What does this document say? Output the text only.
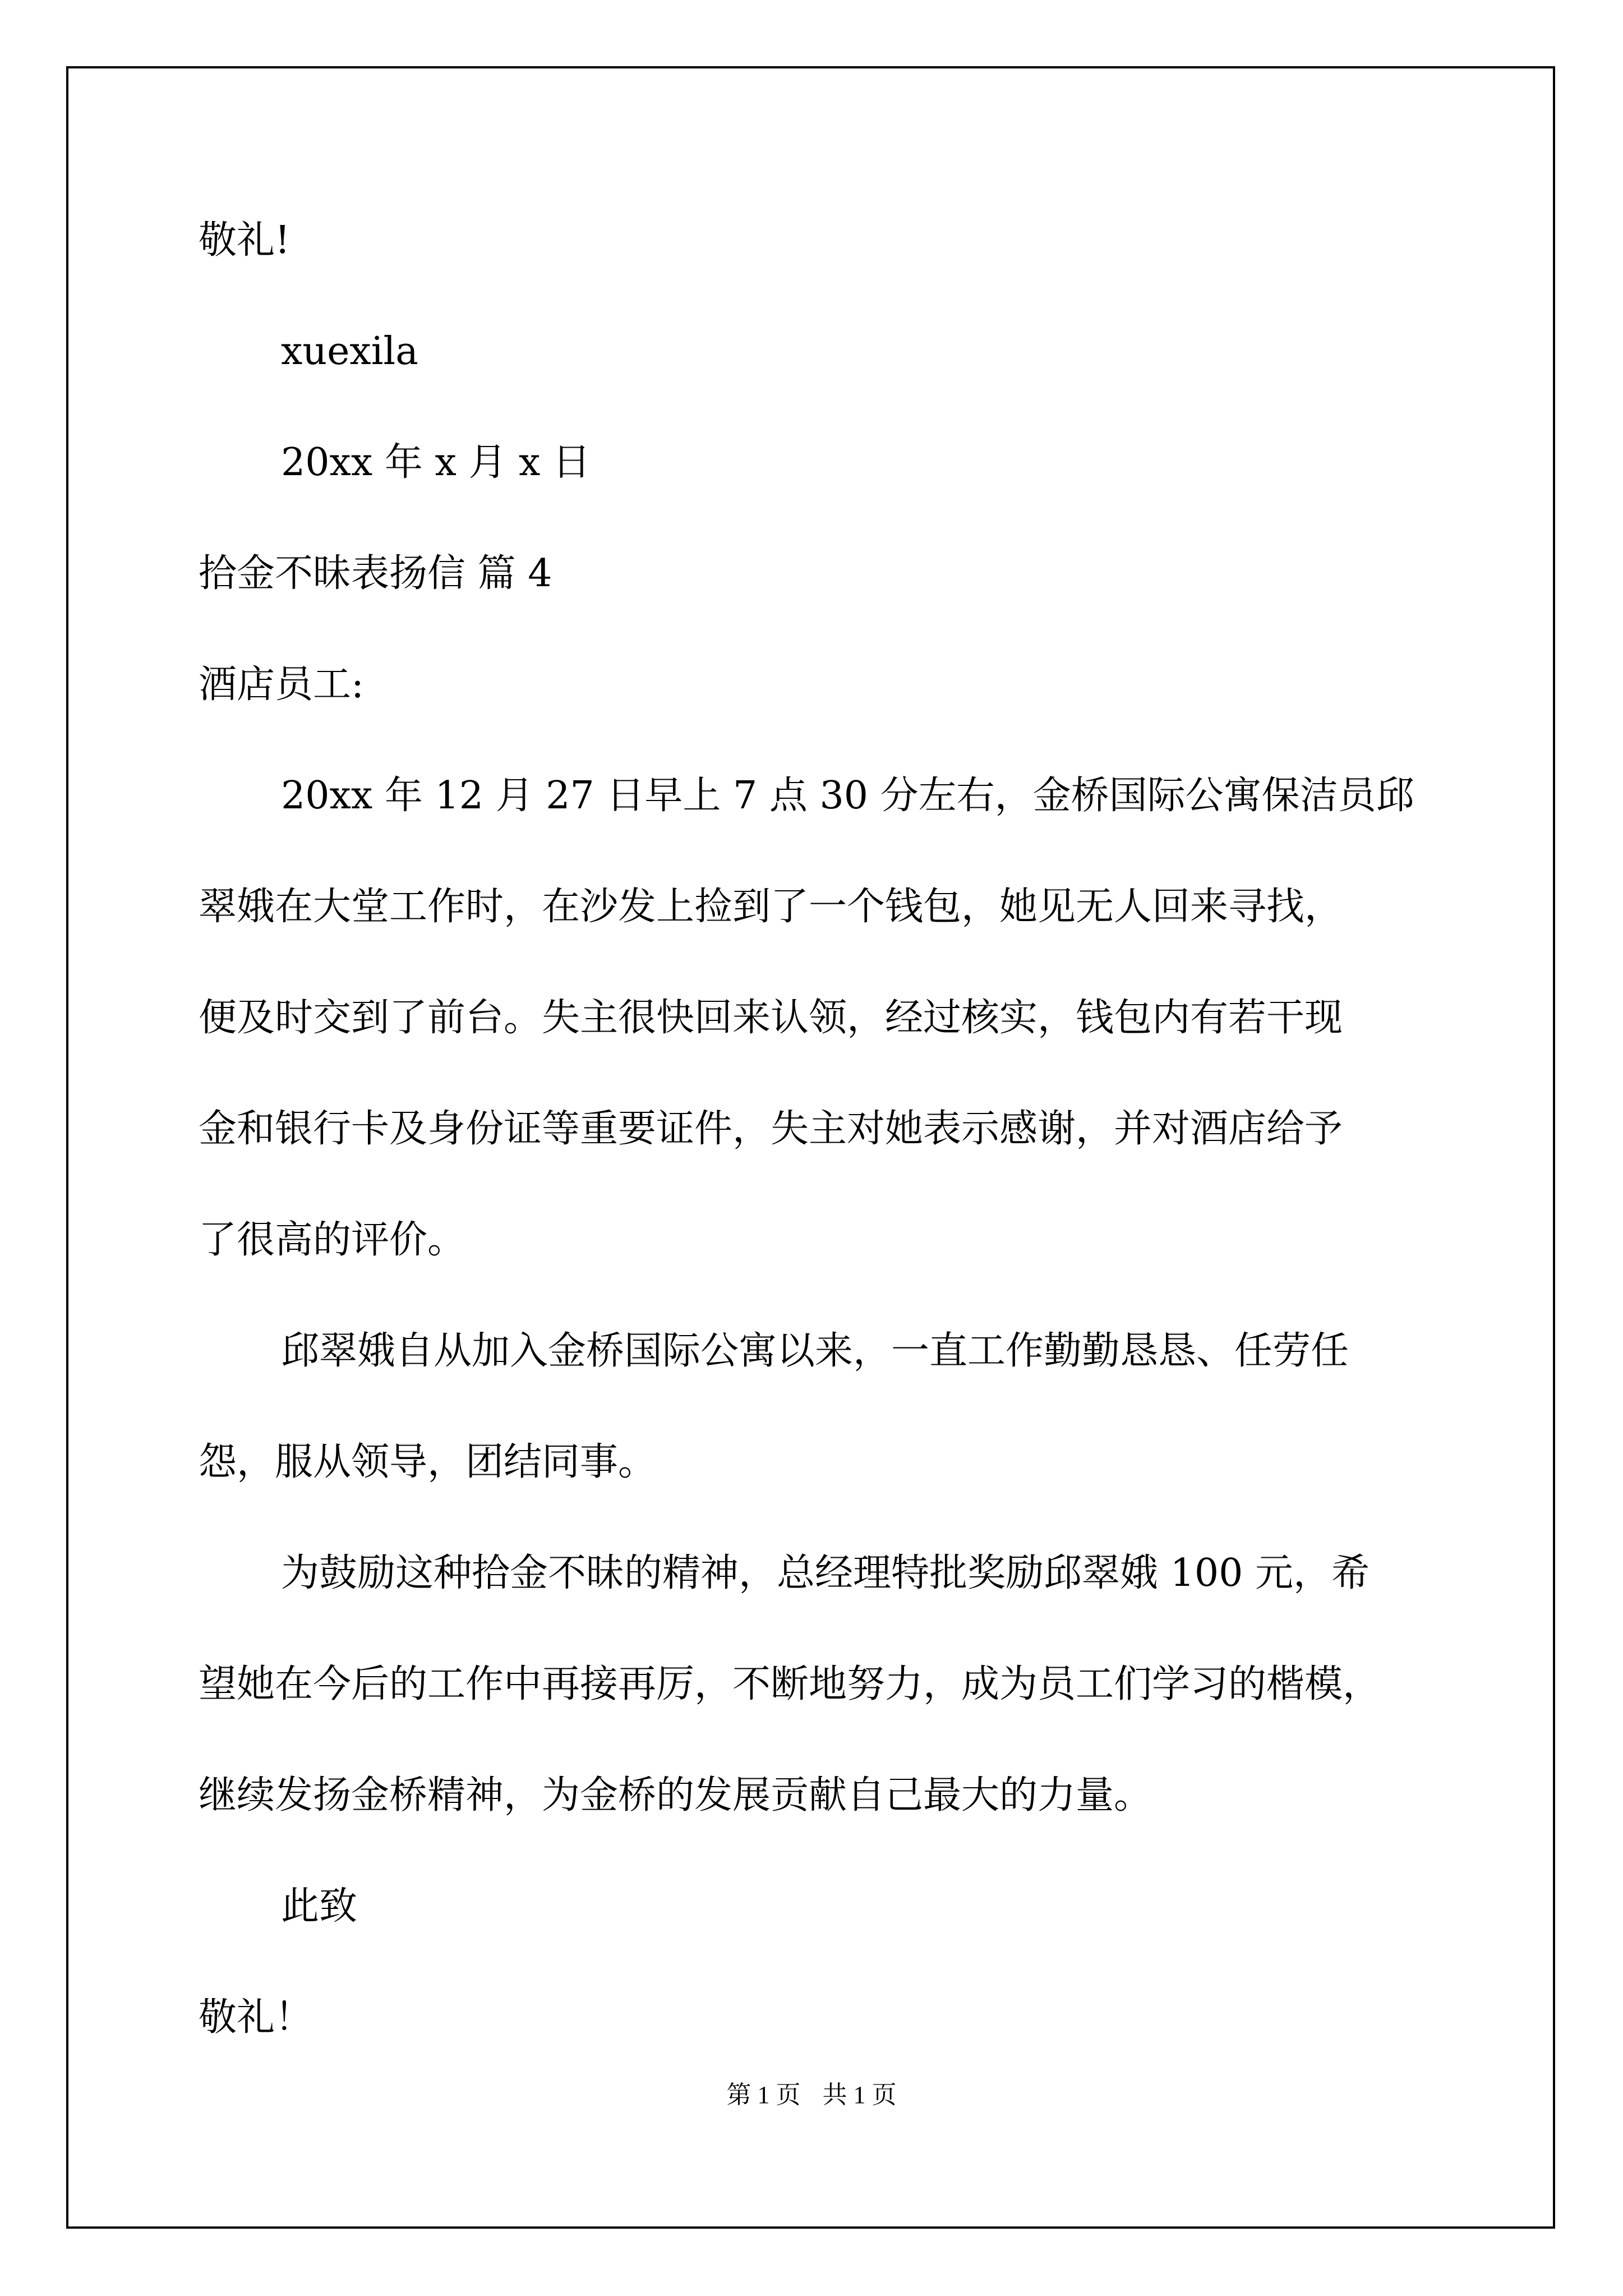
敬礼!

xuexila

20xx 年 x 月 x 日

拾金不昧表扬信 篇 4

酒店员工:

20xx 年 12 月 27 日早上 7 点 30 分左右，金桥国际公寓保洁员邱

翠娥在大堂工作时，在沙发上捡到了一个钱包，她见无人回来寻找，

便及时交到了前台。失主很快回来认领，经过核实，钱包内有若干现

金和银行卡及身份证等重要证件，失主对她表示感谢，并对酒店给予

了很高的评价。

邱翠娥自从加入金桥国际公寓以来，一直工作勤勤恳恳、任劳任

怨，服从领导，团结同事。

为鼓励这种拾金不昧的精神，总经理特批奖励邱翠娥 100 元，希

望她在今后的工作中再接再厉，不断地努力，成为员工们学习的楷模，

继续发扬金桥精神，为金桥的发展贡献自己最大的力量。

此致

敬礼！

第 1 页 共 1 页
